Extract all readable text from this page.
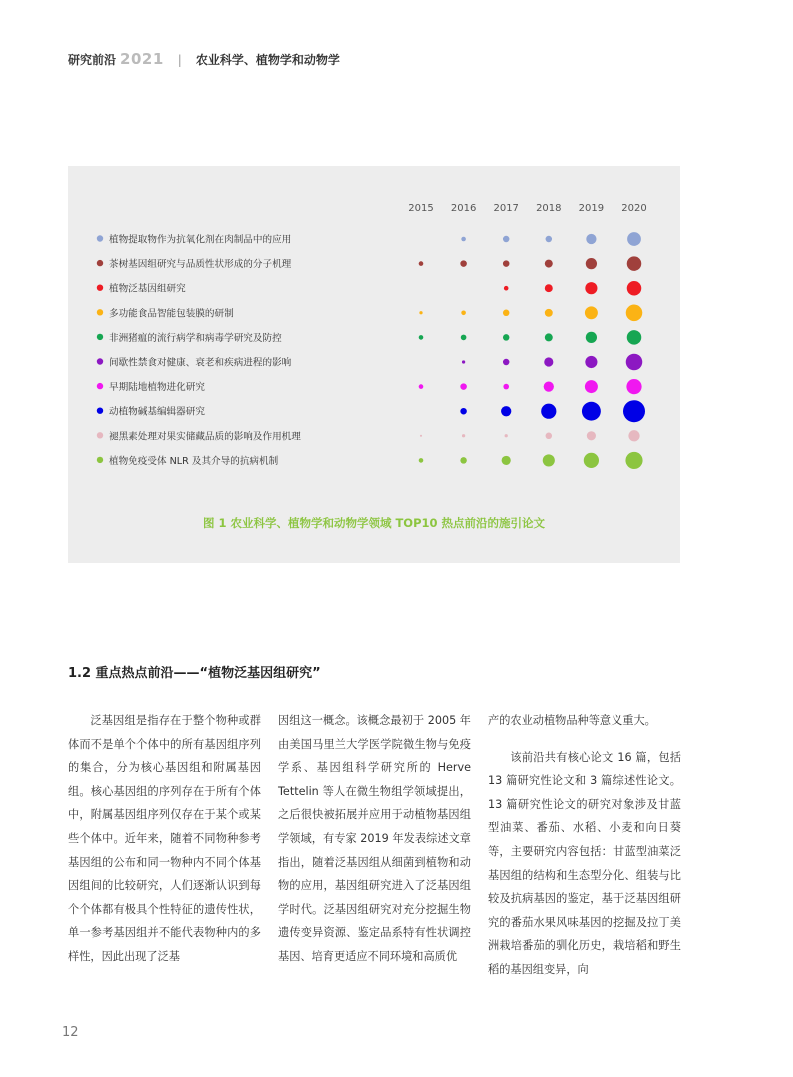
研究前沿 2021 | 农业科学、植物学和动物学
2015 2016 2017 2018 2019 2020
植物提取物作为抗氧化剂在肉制品中的应用
茶树基因组研究与品质性状形成的分子机理
植物泛基因组研究
多功能食品智能包装膜的研制
非洲猪瘟的流行病学和病毒学研究及防控
间歇性禁食对健康、衰老和疾病进程的影响
早期陆地植物进化研究
动植物碱基编辑器研究
褪黑素处理对果实储藏品质的影响及作用机理
植物免疫受体 NLR 及其介导的抗病机制
图 1 农业科学、植物学和动物学领域 TOP10 热点前沿的施引论文
1.2 重点热点前沿——“植物泛基因组研究”

泛基因组是指存在于整个物种或群体而不是单个个体中的所有基因组序列的集合，分为核心基因组和附属基因组。核心基因组的序列存在于所有个体中，附属基因组序列仅存在于某个或某些个体中。近年来，随着不同物种参考基因组的公布和同一物种内不同个体基因组间的比较研究，人们逐渐认识到每个个体都有极具个性特征的遗传性状，单一参考基因组并不能代表物种内的多样性，因此出现了泛基

因组这一概念。该概念最初于 2005 年由美国马里兰大学医学院微生物与免疫学系、基因组科学研究所的 Herve Tettelin 等人在微生物组学领域提出，之后很快被拓展并应用于动植物基因组学领域，有专家 2019 年发表综述文章指出，随着泛基因组从细菌到植物和动物的应用，基因组研究进入了泛基因组学时代。泛基因组研究对充分挖掘生物遗传变异资源、鉴定品系特有性状调控基因、培育更适应不同环境和高质优

产的农业动植物品种等意义重大。

该前沿共有核心论文 16 篇，包括 13 篇研究性论文和 3 篇综述性论文。13 篇研究性论文的研究对象涉及甘蓝型油菜、番茄、水稻、小麦和向日葵等，主要研究内容包括：甘蓝型油菜泛基因组的结构和生态型分化、组装与比较及抗病基因的鉴定，基于泛基因组研究的番茄水果风味基因的挖掘及拉丁美洲栽培番茄的驯化历史，栽培稻和野生稻的基因组变异，向

12
